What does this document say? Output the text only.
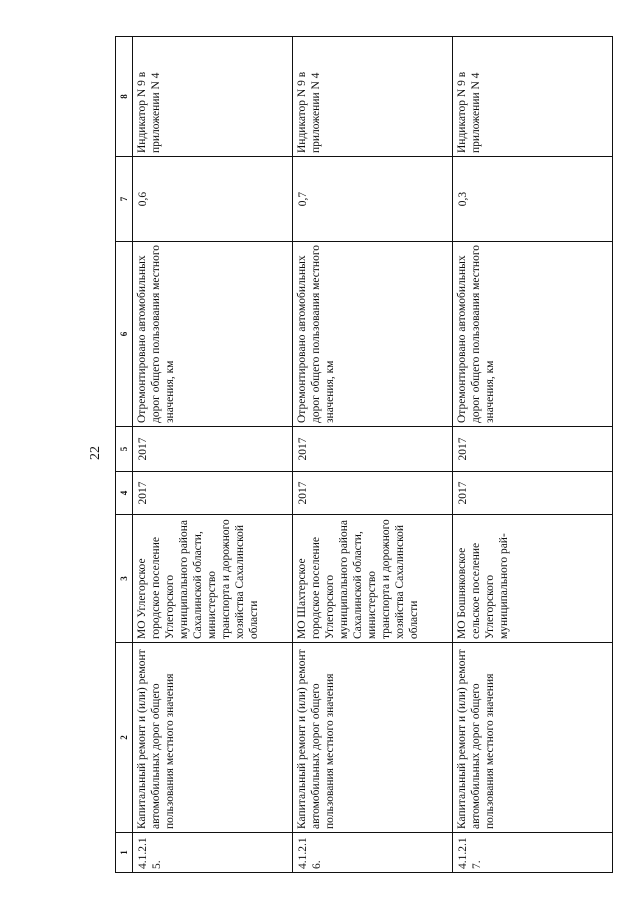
22
1	2	3	4	5	6	7	8
4.1.2.15.	Капитальный ремонт и (или) ремонт автомобильных дорог общего пользования местного значения	МО Углегорское городское поселение Углегорского муниципального района Сахалинской области, министерство транспорта и дорожного хозяйства Сахалинской области	2017	2017	Отремонтировано автомобильных дорог общего пользования местного значения, км	0,6	Индикатор N 9 в приложении N 4
4.1.2.16.	Капитальный ремонт и (или) ремонт автомобильных дорог общего пользования местного значения	МО Шахтерское городское поселение Углегорского муниципального района Сахалинской области, министерство транспорта и дорожного хозяйства Сахалинской области	2017	2017	Отремонтировано автомобильных дорог общего пользования местного значения, км	0,7	Индикатор N 9 в приложении N 4
4.1.2.17.	Капитальный ремонт и (или) ремонт автомобильных дорог общего пользования местного значения	МО Бошняковское сельское поселение Углегорского муниципального рай-	2017	2017	Отремонтировано автомобильных дорог общего пользования местного значения, км	0,3	Индикатор N 9 в приложении N 4
